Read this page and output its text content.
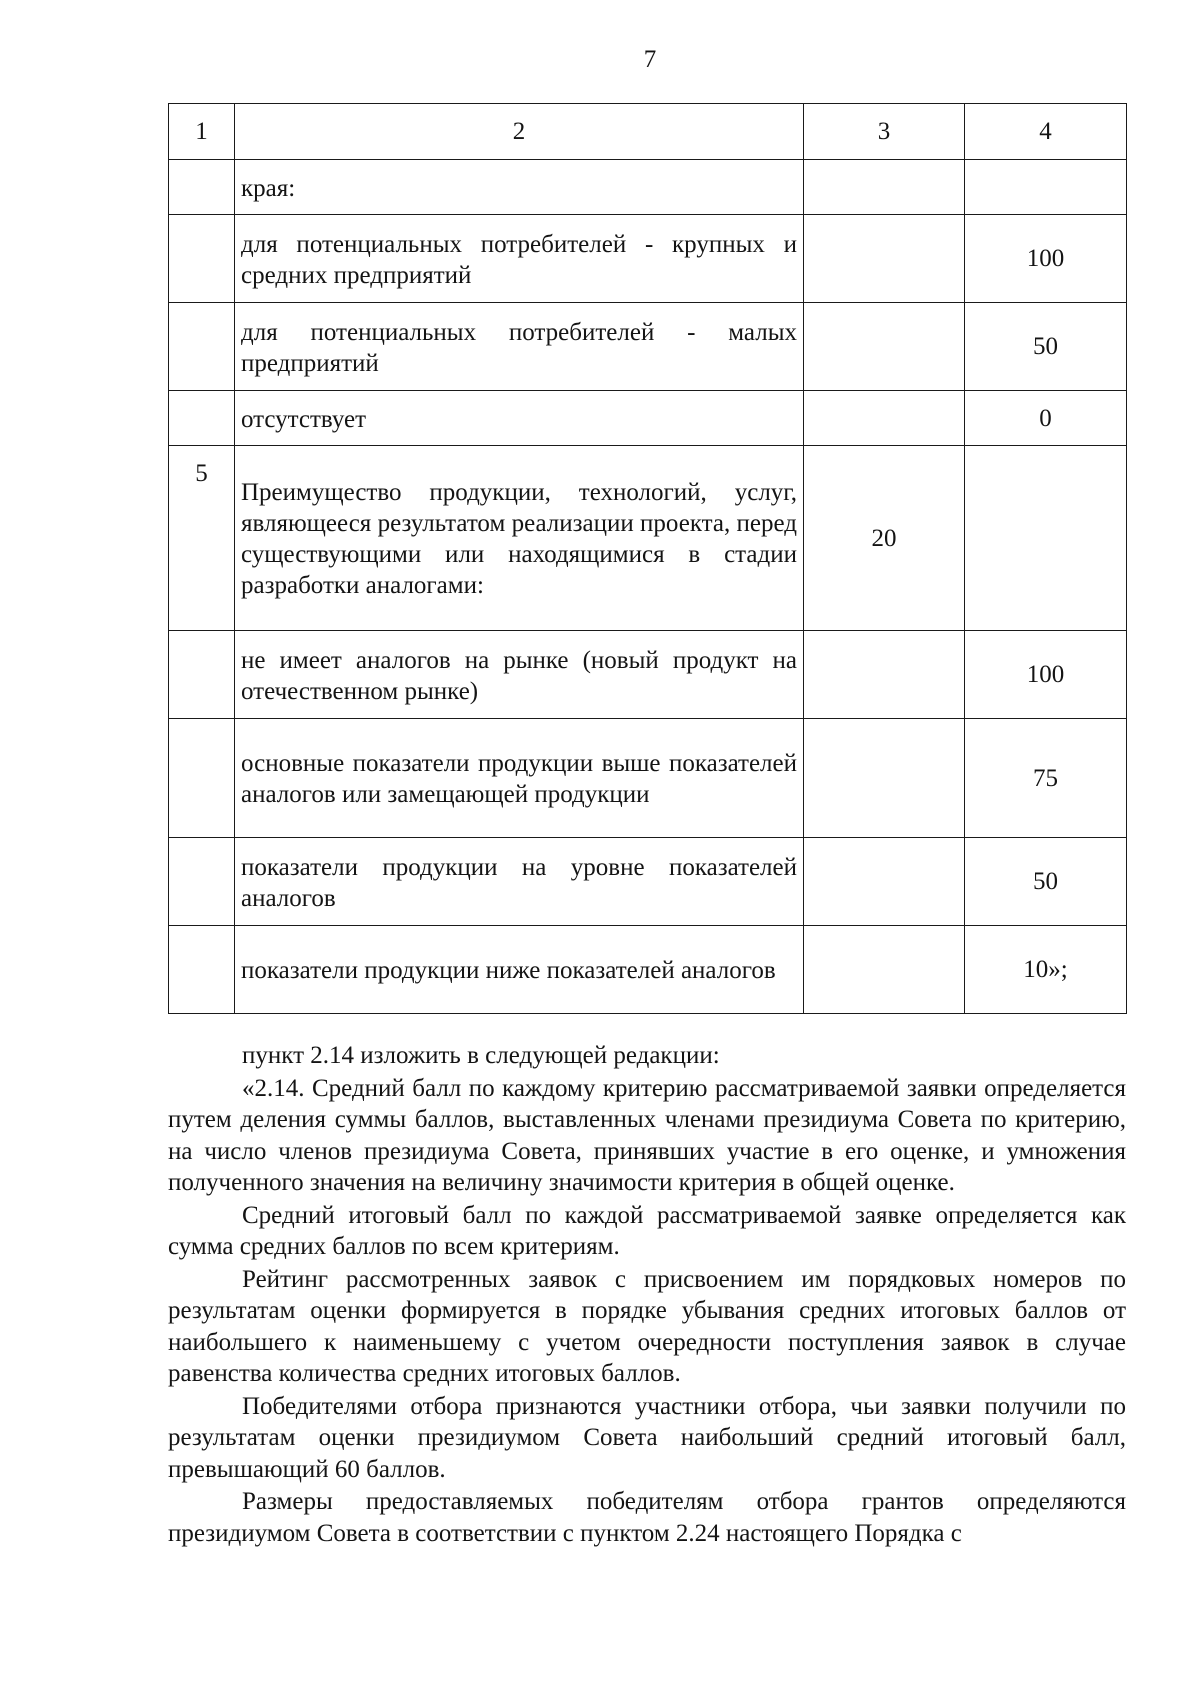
7
1	2	3	4
	края:		
	для потенциальных потребителей - крупных и средних предприятий		100
	для потенциальных потребителей - малых предприятий		50
	отсутствует		0
5	Преимущество продукции, технологий, услуг, являющееся результатом реализации проекта, перед существующими или находящимися в стадии разработки аналогами:	20	
	не имеет аналогов на рынке (новый продукт на отечественном рынке)		100
	основные показатели продукции выше показателей аналогов или замещающей продукции		75
	показатели продукции на уровне показателей аналогов		50
	показатели продукции ниже показателей аналогов		10»;

пункт 2.14 изложить в следующей редакции:

«2.14. Средний балл по каждому критерию рассматриваемой заявки определяется путем деления суммы баллов, выставленных членами президиума Совета по критерию, на число членов президиума Совета, принявших участие в его оценке, и умножения полученного значения на величину значимости критерия в общей оценке.

Средний итоговый балл по каждой рассматриваемой заявке определяется как сумма средних баллов по всем критериям.

Рейтинг рассмотренных заявок с присвоением им порядковых номеров по результатам оценки формируется в порядке убывания средних итоговых баллов от наибольшего к наименьшему с учетом очередности поступления заявок в случае равенства количества средних итоговых баллов.

Победителями отбора признаются участники отбора, чьи заявки получили по результатам оценки президиумом Совета наибольший средний итоговый балл, превышающий 60 баллов.

Размеры предоставляемых победителям отбора грантов определяются президиумом Совета в соответствии с пунктом 2.24 настоящего Порядка с
